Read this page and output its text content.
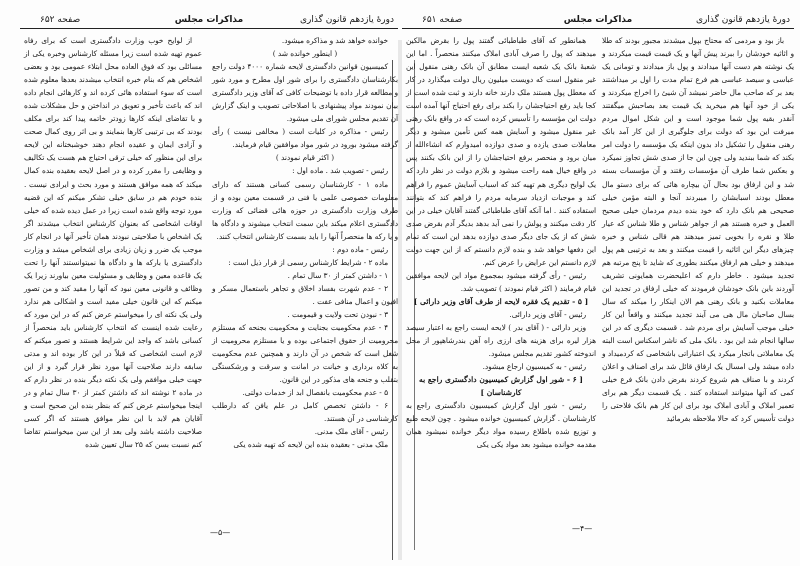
دورهٔ یازدهم قانون گذاری
مذاکرات مجلس
صفحه ۶۵۲

خوانده خواهد شد و مذاکره میشود.

( اینطور خوانده شد )

کمیسیون قوانین دادگستری لایحه شماره ۴۰۰۰ دولت راجع بکارشناسان دادگستری را برای شور اول مطرح و مورد شور و مطالعه قرار داده با توضیحات کافی که آقای وزیر دادگستری بیان نمودند مواد پیشنهادی با اصلاحاتی تصویب و اینک گزارش آن تقدیم مجلس شورای ملی میشود.

رئیس - مذاکره در کلیات است ( مخالفی نیست ) رأی گرفته میشود بورود در شور مواد موافقین قیام فرمایند.

( اکثر قیام نمودند )

رئیس - تصویب شد . ماده اول :

ماده ۱ - کارشناسان رسمی کسانی هستند که دارای معلومات خصوصی علمی یا فنی در قسمت معین بوده و از طرف وزارت دادگستری در حوزه هائی قضائی که وزارت دادگستری اعلام میکند باین سمت انتخاب میشوند و دادگاه ها و یا رکه ها منحصراً آنها را باید بسمت کارشناس انتخاب کنند.

رئیس - ماده دوم :

ماده ۲ - شرایط کارشناس رسمی از قرار ذیل است :

۱ - داشتن کمتر از ۳۰ سال تمام .

۲ - عدم شهرت بفساد اخلاق و تجاهر باستعمال مسکر و افیون و اعمال منافی عفت .

۳ - نبودن تحت ولایت و قیمومت .

۴ - عدم محکومیت بجنایت و محکومیت بجنحه که مستلزم محرومیت از حقوق اجتماعی بوده و یا مستلزم محرومیت از شغل است که شخص در آن دارند و همچنین عدم محکومیت به کلاه برداری و خیانت در امانت و سرقت و ورشکستگی بتقلب و جنحه های مذکور در این قانون.

۵ - عدم محکومیت بانفصال ابد از خدمات دولتی.

۶ - داشتن تخصص کامل در علم یافن که دارطلب کارشناسی در آن هستند.

رئیس - آقای ملک مدنی.

ملک مدنی - بعقیده بنده این لایحه که تهیه شده یکی

از لوایح خوب وزارت دادگستری است که برای رفاه عموم تهیه شده است زیرا مسئله کارشناس وخبره یکی از مسائلی بود که فوق العاده محل ابتلاء عمومی بود و بعضی اشخاص هم که بنام خبره انتخاب میشدند بعدها معلوم شده است که سوء استفاده هائی کرده اند و کارهائی انجام داده اند که باعث تأخیر و تعویق در انداختن و حل مشکلات شده و با تقاضای اینکه کارها زودتر خاتمه پیدا کند برای مکلف بودند که بی ترتیبی کارها بنمایند و بی اثر روی کمال صحت و آزادی ایمان و عقیده انجام دهند خوشبختانه این لایحه برای این منظور که خیلی ترقی احتیاج هم هست یک تکالیف و وظایفی را مقرر کرده و در اصل لایحه بعقیده بنده کمال میکند که همه موافق هستند و مورد بحث و ایرادی نیست . بنده خودم هم در سابق خیلی تشکر میکنم که این قضیه مورد توجه واقع شده است زیرا در عمل دیده شده که خیلی اوقات اشخاصی که بعنوان کارشناس انتخاب میشدند اگر یک اشخاص با صلاحیتی نبودند همان تأخیر آنها در انجام کار موجب یک ضرر و زیان زیادی برای اشخاص میشد و وزارت دادگستری یا بارکه ها و دادگاه ها نمیتوانستند آنها را تحت یک قاعده معین و وظایف و مسئولیت معین بیاورند زیرا یک وظائف و قانونی معین نبود که آنها را مقید کند و من تصور میکنم که این قانون خیلی مفید است و اشکالی هم ندارد ولی یک نکته ای را میخواستم عرض کنم که در این مورد که رعایت شده اینست که انتخاب کارشناس باید منحصراً از کسانی باشد که واجد این شرایط هستند و تصور میکنم که لازم است اشخاصی که قبلاً در این کار بوده اند و مدتی سابقه دارند صلاحیت آنها مورد نظر قرار گیرد و از این جهت خیلی موافقم ولی یک نکته دیگر بنده در نظر دارم که در ماده ۲ نوشته اند که داشتن کمتر از ۳۰ سال تمام و در اینجا میخواستم عرض کنم که بنظر بنده این صحیح است و آقایان هم لابد با این نظر موافق هستند که اگر کسی صلاحیت داشته باشد ولی بعد از این سن میخواستم تقاضا کنم نسبت بسن که ۲۵ سال تعیین شده

—۵—
دورهٔ یازدهم قانون گذاری
مذاکرات مجلس
صفحه ۶۵۱

باز بود و مردمی که محتاج بپول میشدند مجبور بودند که طلا و اثاثیه خودشان را ببرند پیش آنها و یک قیمت قیمت میکردند و یک نوشته هم دست آنها میدادند و پول باز میدادند و تومانی یک عباسی و سیصد عباسی هم فرع تمام مدت را اول بر میداشتند بعد بر که صاحب مال حاضر نمیشد آن شیئ را اخراج میکردند و یکی از خود آنها هم میخرید یک قیمت بعد بصاحبش میگفتند آنقدر بقیه پول شما موجود است و این شکل اموال مردم میرفت این بود که دولت برای جلوگیری از این کار آمد بانک رهنی منقول را تشکیل داد بدون اینکه یک مؤسسه را دولت امر بکند که شما ببندید ولی چون این جا از صدی شش تجاوز نمیکرد و بعکس شما طرف آن مؤسسات رفتند و آن مؤسسات بسته شد و این ارفاق بود بحال آن بیچاره هائی که برای دستو مال معطل بودند اسبابشان را میبردند آنجا و البته مؤمن خیلی صحیحی هم بانک دارد که خود بنده دیدم مردمان خیلی صحیح العمل و خبره هستند هم از جواهر شناس و طلا شناس که عیار طلا و نقره را بخوبی تمیز میدهند هم قالی شناس و خبره چیزهای دیگر این اثاثیه را قیمت میکنند و بعد به ترتیبی هم پول میدهند و خیلی هم ارفاق میکنند بطوری که شاید تا پنج مرتبه هم تجدید میشود . خاطر دارم که اعلیحضرت همایونی تشریف آوردند باین بانک خودشان فرمودند که خیلی ارفاق در تجدید این معاملات بکنید و بانک رهنی هم الان اینکار را میکند که سال بسال صاحبان مال هی می آیند تجدید میکنند و واقعاً این کار خیلی موجب آسایش برای مردم شد . قسمت دیگری که در این سالها انجام شد این بود . بانک ملی که ناشر اسکناس است البته یک معاملاتی باتجار میکرد یک اعتباراتی باشخاصی که کردمیداد و داده میشد ولی امسال یک ارفاق قائل شد برای اصناف و اعلان کردند و با صناف هم شروع کردند بقرض دادن بانک فرع خیلی کمی که آنها میتوانند استفاده کنند . یک قسمت دیگر هم برای تعمیر املاک و آبادی املاک بود برای این کار هم بانک فلاحتی را دولت تأسیس کرد که حالا ملاحظه بفرمائید

همانطور که آقای طباطبائی گفتند پول را بقرض مالکین میدهند که پول را صرف آبادی املاک میکنند منحصراً . اما این شعبهٔ بانک یک شعبه ایست مطابق آن بانک رهنی منقول این غیر منقول است که دویست میلیون ریال دولت میگذارد در کار که معطل پول هستند ملک دارند خانه دارند و ثبت شده است از کجا باید رفع احتیاجشان را بکند برای رفع احتیاج آنها آمده است دولت این مؤسسه را تأسیس کرده است که در واقع بانک رهنی غیر منقول میشود و آسایش همه کس تأمین میشود و دیگر معاملات صدی یازده و صدی دوازده امیدوارم که انشاءالله از میان برود و منحصر برفع احتیاجشان را از این بانک بکنند پس در واقع خیال همه راحت میشود و بلازم دولت در نظر دارد که یک لوایح دیگری هم تهیه کند که اسباب آسایش عموم را فراهم کند و موجبات ازدیاد سرمایه مردم را فراهم کند که بتوانند استفاده کنند . اما آنکه آقای طباطبائی گفتند آقایان خیلی در این کار دقت میکنند و پولش را نمی آید بدهد بدیگر آدم بقرض صدی شش که از یک جای دیگر صدی دوازده بدهد این است که تمام این دفعها خواهد شد و بنده لازم دانستم که از این جهت دولت لازم دانستم این عرایض را عرض کنم.

رئیس - رأی گرفته میشود بمجموع مواد این لایحه موافقین قیام فرمایند ( اکثر قیام نمودند ) تصویب شد.

[ ۵ - تقدیم یک فقره لایحه از طرف آقای وزیر دارائی ]

رئیس - آقای وزیر دارائی.

وزیر دارائی - ( آقای بدر ) لایحه ایست راجع به اعتبار سیصد هزار لیره برای هزینه های ارزی راه آهن بندرشاهپور از محل اندوخته کشور تقدیم مجلس میشود.

رئیس - به کمیسیون ارجاع میشود.

[ ۶ - شور اول گزارش کمیسیون دادگستری راجع به کارشناسان ]

رئیس - شور اول گزارش کمیسیون دادگستری راجع به کارشناسان . گزارش کمیسیون خوانده میشود . چون لایحه طبع و توزیع شده باطلاع رسیده مواد دیگر خوانده نمیشود همان مقدمه خوانده میشود بعد مواد یکی یکی

—۴—
